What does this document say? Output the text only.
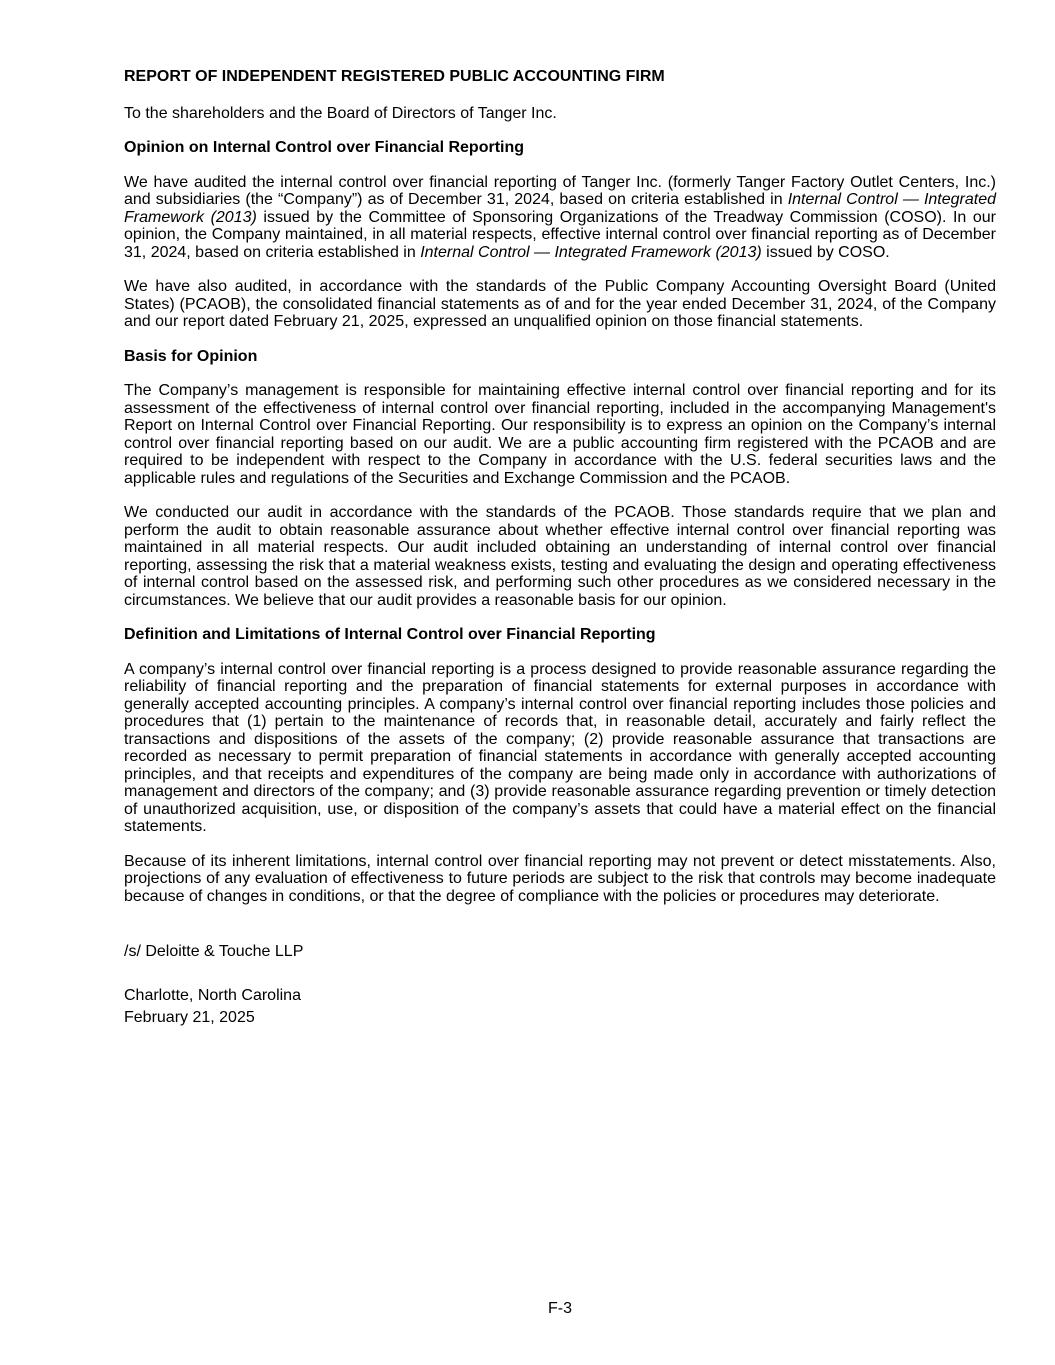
REPORT OF INDEPENDENT REGISTERED PUBLIC ACCOUNTING FIRM
To the shareholders and the Board of Directors of Tanger Inc.
Opinion on Internal Control over Financial Reporting
We have audited the internal control over financial reporting of Tanger Inc. (formerly Tanger Factory Outlet Centers, Inc.) and subsidiaries (the “Company”) as of December 31, 2024, based on criteria established in Internal Control — Integrated Framework (2013) issued by the Committee of Sponsoring Organizations of the Treadway Commission (COSO). In our opinion, the Company maintained, in all material respects, effective internal control over financial reporting as of December 31, 2024, based on criteria established in Internal Control — Integrated Framework (2013) issued by COSO.
We have also audited, in accordance with the standards of the Public Company Accounting Oversight Board (United States) (PCAOB), the consolidated financial statements as of and for the year ended December 31, 2024, of the Company and our report dated February 21, 2025, expressed an unqualified opinion on those financial statements.
Basis for Opinion
The Company’s management is responsible for maintaining effective internal control over financial reporting and for its assessment of the effectiveness of internal control over financial reporting, included in the accompanying Management's Report on Internal Control over Financial Reporting. Our responsibility is to express an opinion on the Company’s internal control over financial reporting based on our audit. We are a public accounting firm registered with the PCAOB and are required to be independent with respect to the Company in accordance with the U.S. federal securities laws and the applicable rules and regulations of the Securities and Exchange Commission and the PCAOB.
We conducted our audit in accordance with the standards of the PCAOB. Those standards require that we plan and perform the audit to obtain reasonable assurance about whether effective internal control over financial reporting was maintained in all material respects. Our audit included obtaining an understanding of internal control over financial reporting, assessing the risk that a material weakness exists, testing and evaluating the design and operating effectiveness of internal control based on the assessed risk, and performing such other procedures as we considered necessary in the circumstances. We believe that our audit provides a reasonable basis for our opinion.
Definition and Limitations of Internal Control over Financial Reporting
A company’s internal control over financial reporting is a process designed to provide reasonable assurance regarding the reliability of financial reporting and the preparation of financial statements for external purposes in accordance with generally accepted accounting principles. A company’s internal control over financial reporting includes those policies and procedures that (1) pertain to the maintenance of records that, in reasonable detail, accurately and fairly reflect the transactions and dispositions of the assets of the company; (2) provide reasonable assurance that transactions are recorded as necessary to permit preparation of financial statements in accordance with generally accepted accounting principles, and that receipts and expenditures of the company are being made only in accordance with authorizations of management and directors of the company; and (3) provide reasonable assurance regarding prevention or timely detection of unauthorized acquisition, use, or disposition of the company’s assets that could have a material effect on the financial statements.
Because of its inherent limitations, internal control over financial reporting may not prevent or detect misstatements. Also, projections of any evaluation of effectiveness to future periods are subject to the risk that controls may become inadequate because of changes in conditions, or that the degree of compliance with the policies or procedures may deteriorate.
/s/ Deloitte & Touche LLP
Charlotte, North Carolina
February 21, 2025
F-3
